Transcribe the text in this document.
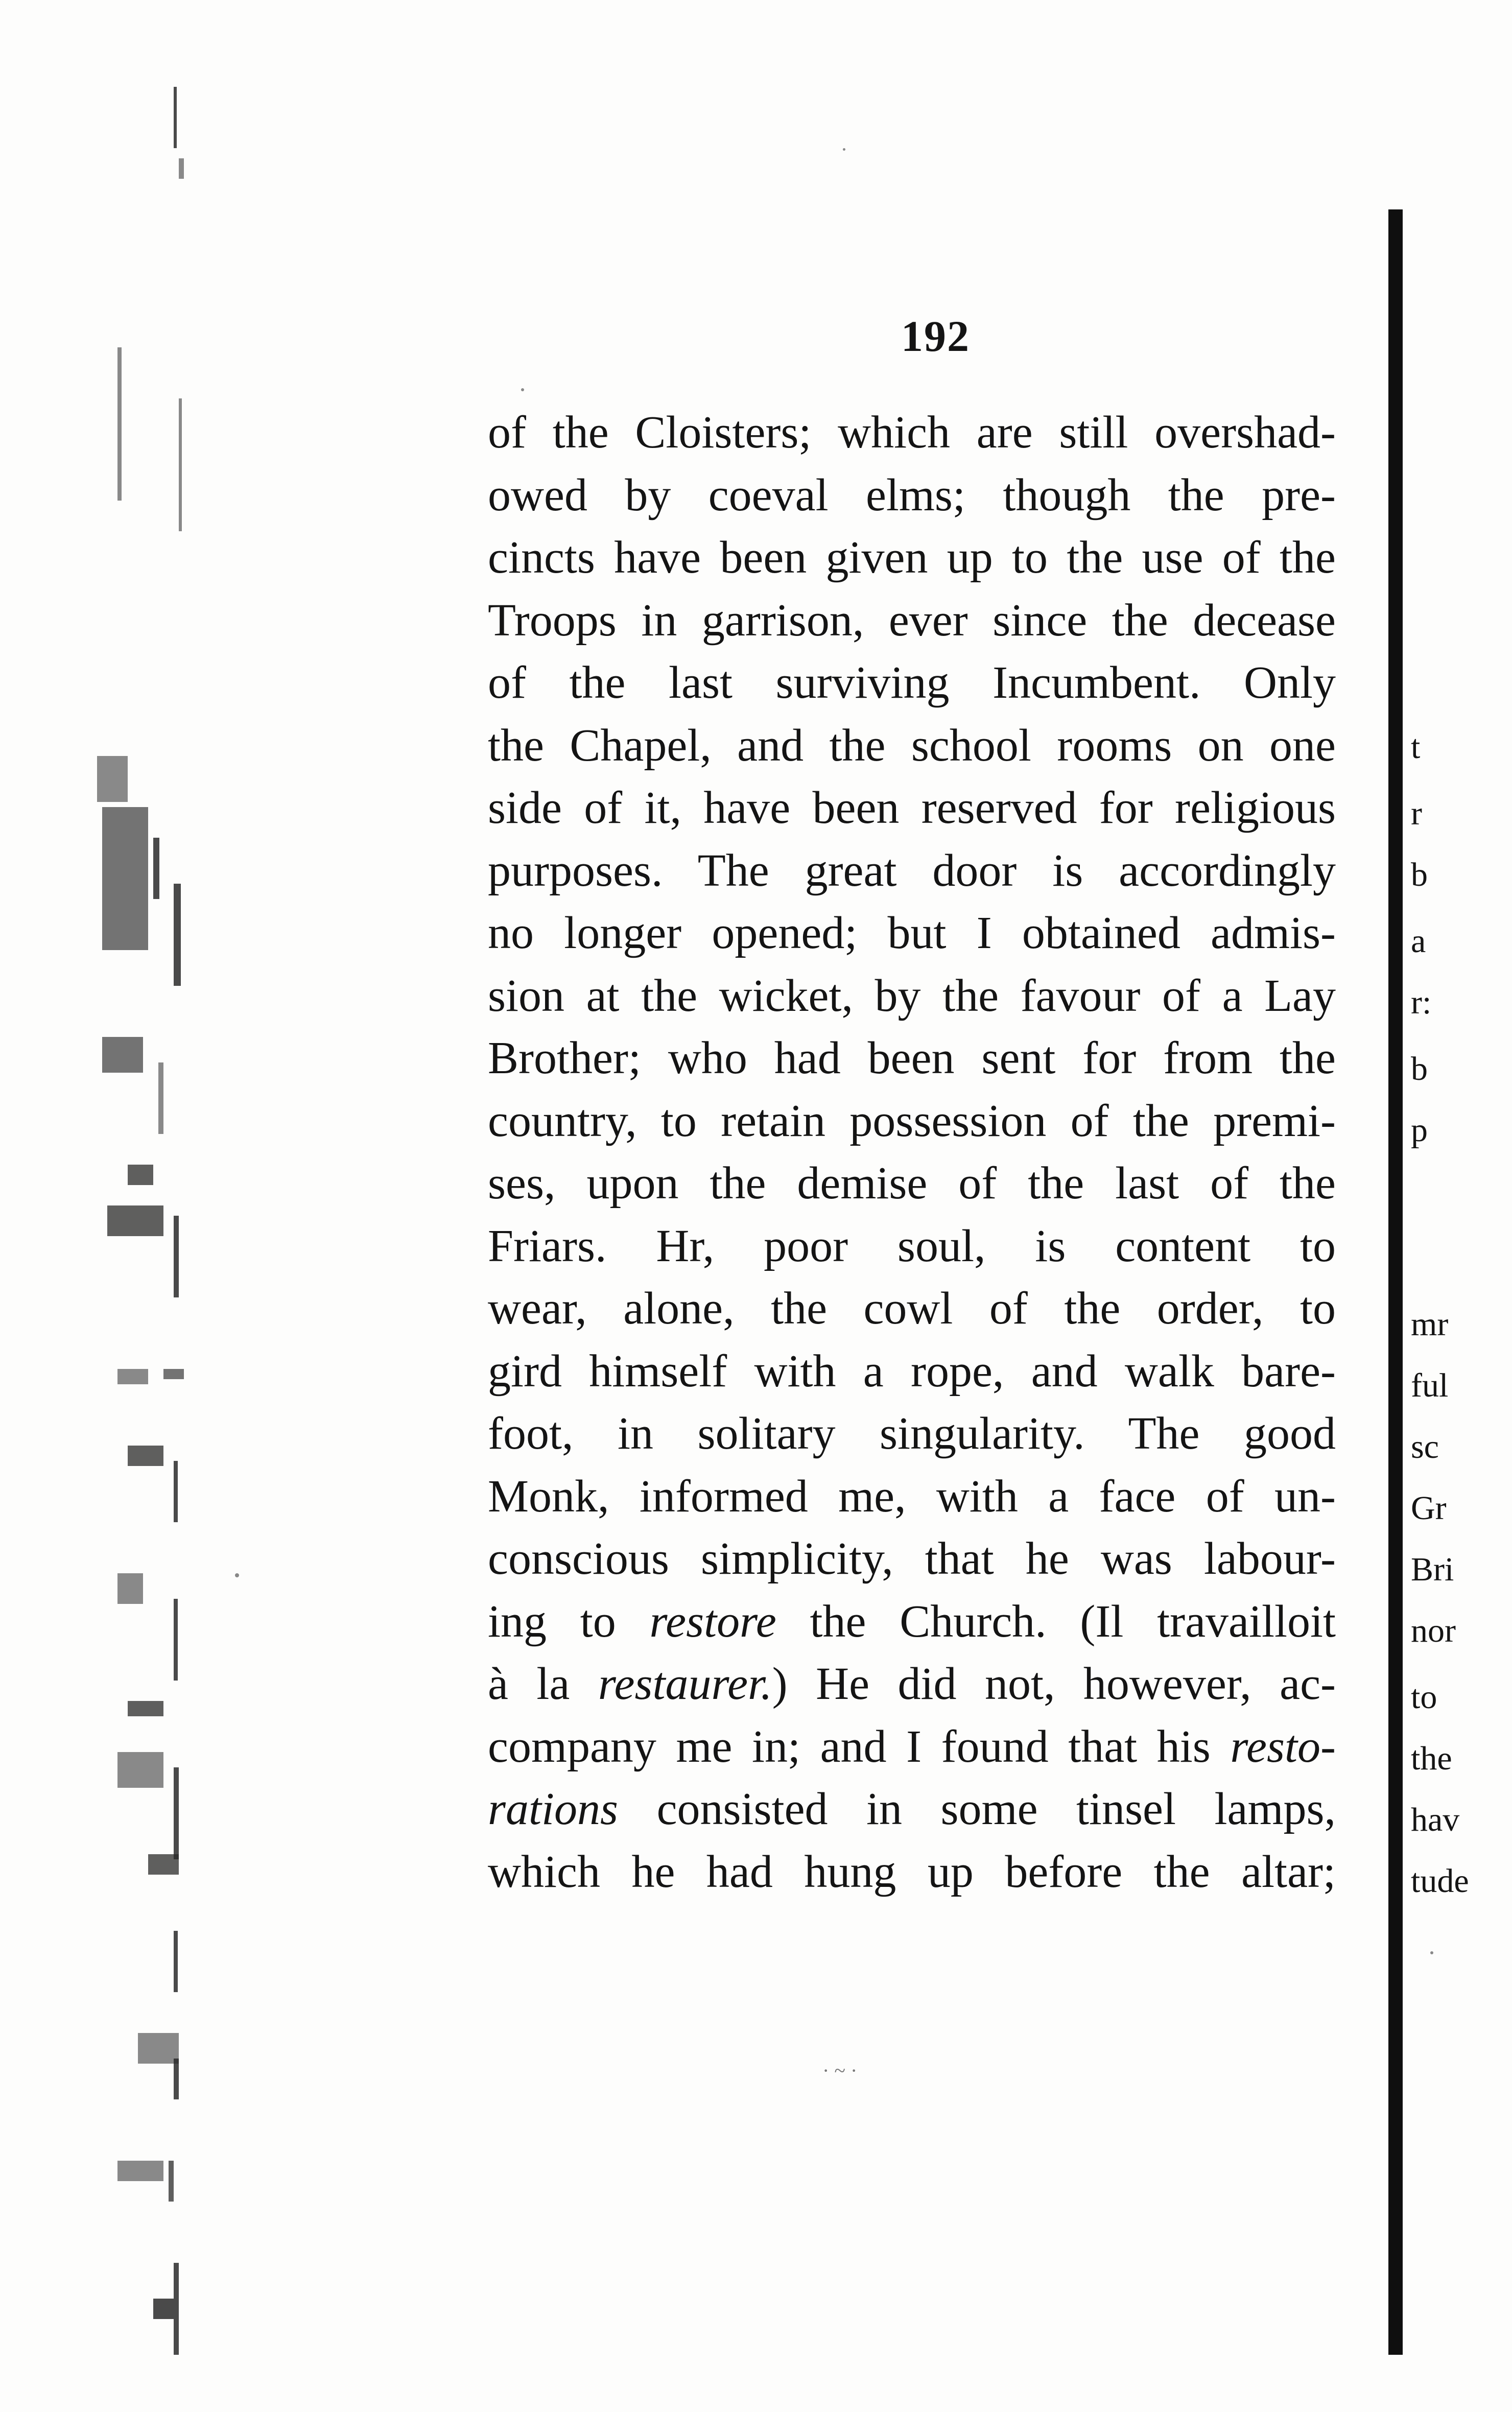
192
of the Cloisters; which are still overshad-
owed by coeval elms; though the pre-
cincts have been given up to the use of the
Troops in garrison, ever since the decease
of the last surviving Incumbent. Only
the Chapel, and the school rooms on one
side of it, have been reserved for religious
purposes. The great door is accordingly
no longer opened; but I obtained admis-
sion at the wicket, by the favour of a Lay
Brother; who had been sent for from the
country, to retain possession of the premi-
ses, upon the demise of the last of the
Friars. Hr, poor soul, is content to
wear, alone, the cowl of the order, to
gird himself with a rope, and walk bare-
foot, in solitary singularity. The good
Monk, informed me, with a face of un-
conscious simplicity, that he was labour-
ing to restore the Church. (Il travailloit
à la restaurer.) He did not, however, ac-
company me in; and I found that his resto-
rations consisted in some tinsel lamps,
which he had hung up before the altar;
t
r
b
a
r:
b
p
mr
ful
sc
Gr
Bri
nor
to
the
hav
tude
· ~ ·
